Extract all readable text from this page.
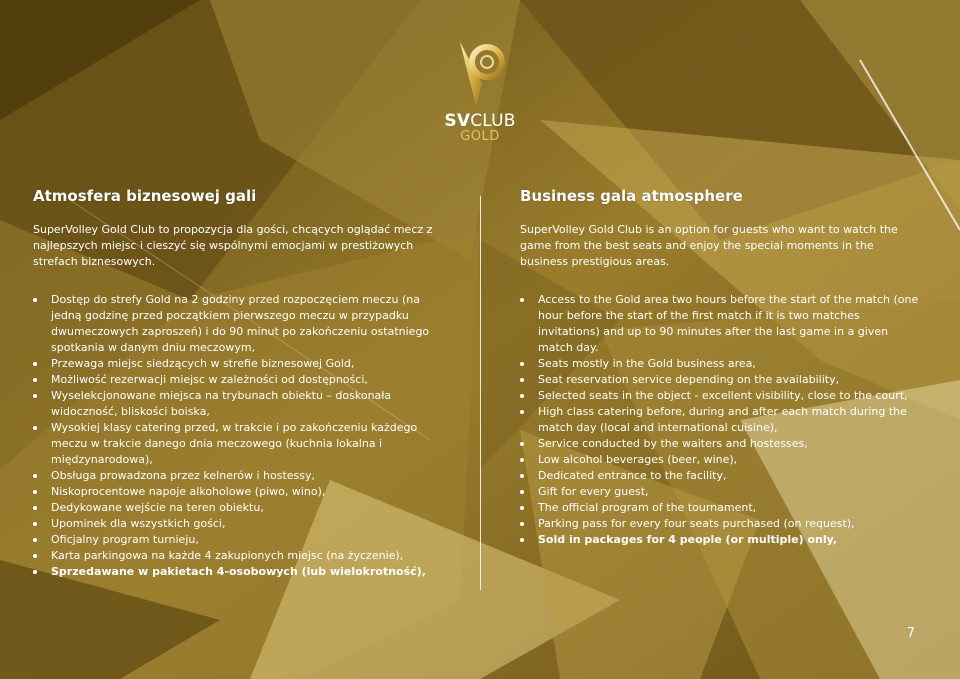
SVCLUB
GOLD
Atmosfera biznesowej gali
SuperVolley Gold Club to propozycja dla gości, chcących oglądać mecz z najlepszych miejsc i cieszyć się wspólnymi emocjami w prestiżowych strefach biznesowych.
Dostęp do strefy Gold na 2 godziny przed rozpoczęciem meczu (na jedną godzinę przed początkiem pierwszego meczu w przypadku dwumeczowych zaproszeń) i do 90 minut po zakończeniu ostatniego spotkania w danym dniu meczowym,
Przewaga miejsc siedzących w strefie biznesowej Gold,
Możliwość rezerwacji miejsc w zależności od dostępności,
Wyselekcjonowane miejsca na trybunach obiektu – doskonała widoczność, bliskości boiska,
Wysokiej klasy catering przed, w trakcie i po zakończeniu każdego meczu w trakcie danego dnia meczowego (kuchnia lokalna i międzynarodowa),
Obsługa prowadzona przez kelnerów i hostessy,
Niskoprocentowe napoje alkoholowe (piwo, wino),
Dedykowane wejście na teren obiektu,
Upominek dla wszystkich gości,
Oficjalny program turnieju,
Karta parkingowa na każde 4 zakupionych miejsc (na życzenie),
Sprzedawane w pakietach 4-osobowych (lub wielokrotność),
Business gala atmosphere
SuperVolley Gold Club is an option for guests who want to watch the game from the best seats and enjoy the special moments in the business prestigious areas.
Access to the Gold area two hours before the start of the match (one hour before the start of the first match if it is two matches invitations) and up to 90 minutes after the last game in a given match day.
Seats mostly in the Gold business area,
Seat reservation service depending on the availability,
Selected seats in the object - excellent visibility, close to the court,
High class catering before, during and after each match during the match day (local and international cuisine),
Service conducted by the waiters and hostesses,
Low alcohol beverages (beer, wine),
Dedicated entrance to the facility,
Gift for every guest,
The official program of the tournament,
Parking pass for every four seats purchased (on request),
Sold in packages for 4 people (or multiple) only,
7
